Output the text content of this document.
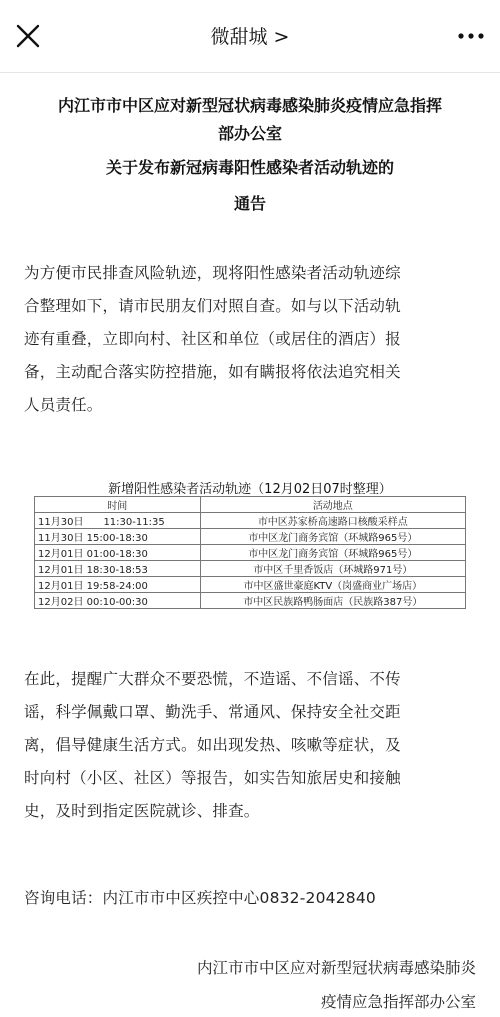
微甜城 >
内江市市中区应对新型冠状病毒感染肺炎疫情应急指挥
部办公室
关于发布新冠病毒阳性感染者活动轨迹的
通告
为方便市民排查风险轨迹，现将阳性感染者活动轨迹综
合整理如下，请市民朋友们对照自查。如与以下活动轨
迹有重叠，立即向村、社区和单位（或居住的酒店）报
备，主动配合落实防控措施，如有瞒报将依法追究相关
人员责任。
新增阳性感染者活动轨迹（12月02日07时整理）
时间	活动地点
11月30日　　11:30-11:35	市中区苏家桥高速路口核酸采样点
11月30日 15:00-18:30	市中区龙门商务宾馆（环城路965号）
12月01日 01:00-18:30	市中区龙门商务宾馆（环城路965号）
12月01日 18:30-18:53	市中区千里香饭店（环城路971号）
12月01日 19:58-24:00	市中区盛世豪庭KTV（岗盛商业广场店）
12月02日 00:10-00:30	市中区民族路鸭肠面店（民族路387号）
在此，提醒广大群众不要恐慌，不造谣、不信谣、不传
谣，科学佩戴口罩、勤洗手、常通风、保持安全社交距
离，倡导健康生活方式。如出现发热、咳嗽等症状，及
时向村（小区、社区）等报告，如实告知旅居史和接触
史，及时到指定医院就诊、排查。
咨询电话：内江市市中区疾控中心0832-2042840
内江市市中区应对新型冠状病毒感染肺炎
疫情应急指挥部办公室
